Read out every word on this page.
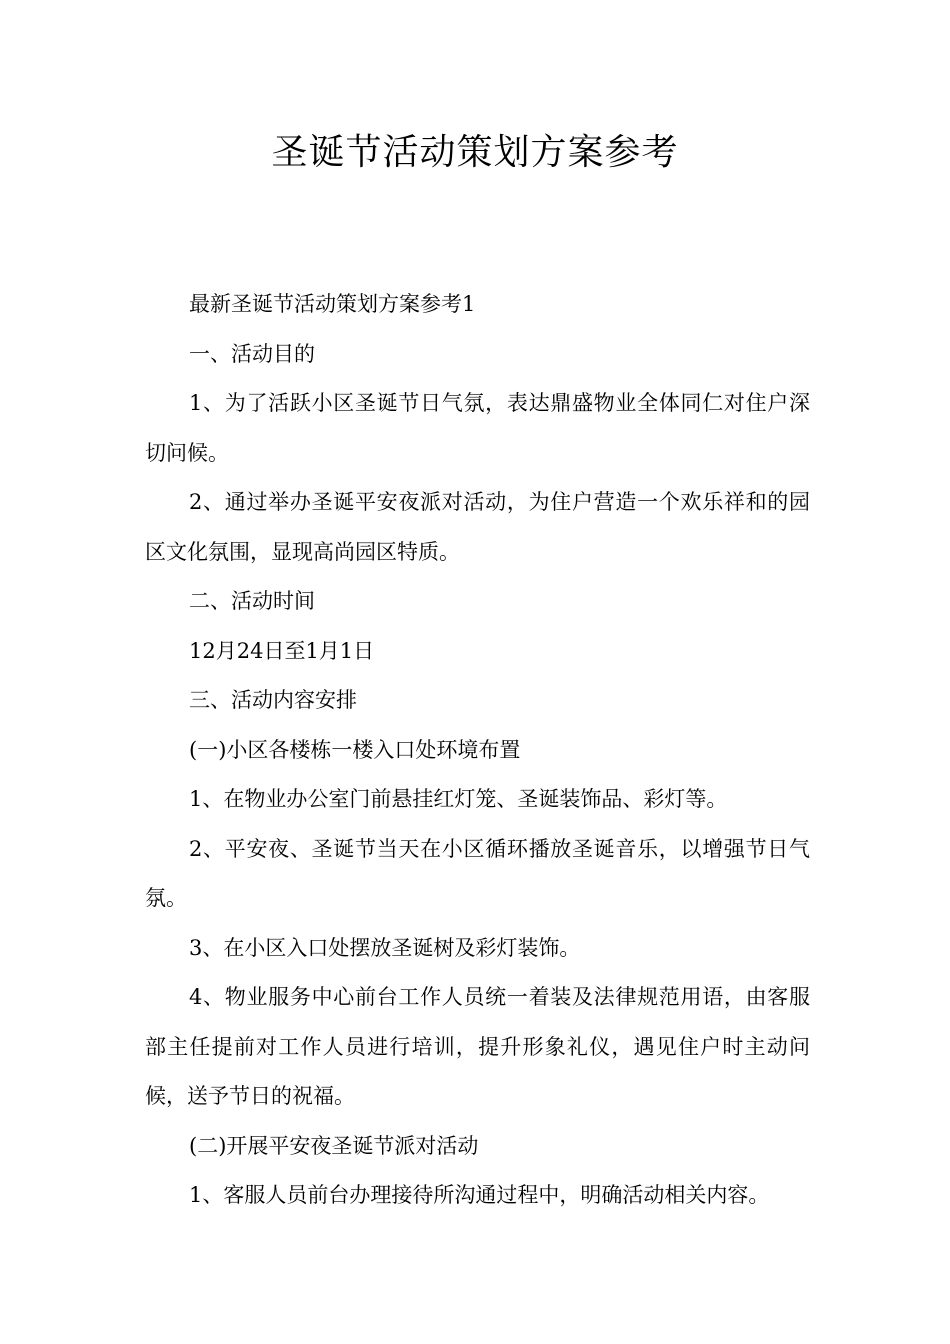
圣诞节活动策划方案参考

最新圣诞节活动策划方案参考1

一、活动目的

1、为了活跃小区圣诞节日气氛，表达鼎盛物业全体同仁对住户深切问候。

2、通过举办圣诞平安夜派对活动，为住户营造一个欢乐祥和的园区文化氛围，显现高尚园区特质。

二、活动时间

12月24日至1月1日

三、活动内容安排

(一)小区各楼栋一楼入口处环境布置

1、在物业办公室门前悬挂红灯笼、圣诞装饰品、彩灯等。

2、平安夜、圣诞节当天在小区循环播放圣诞音乐，以增强节日气氛。

3、在小区入口处摆放圣诞树及彩灯装饰。

4、物业服务中心前台工作人员统一着装及法律规范用语，由客服部主任提前对工作人员进行培训，提升形象礼仪，遇见住户时主动问候，送予节日的祝福。

(二)开展平安夜圣诞节派对活动

1、客服人员前台办理接待所沟通过程中，明确活动相关内容。
